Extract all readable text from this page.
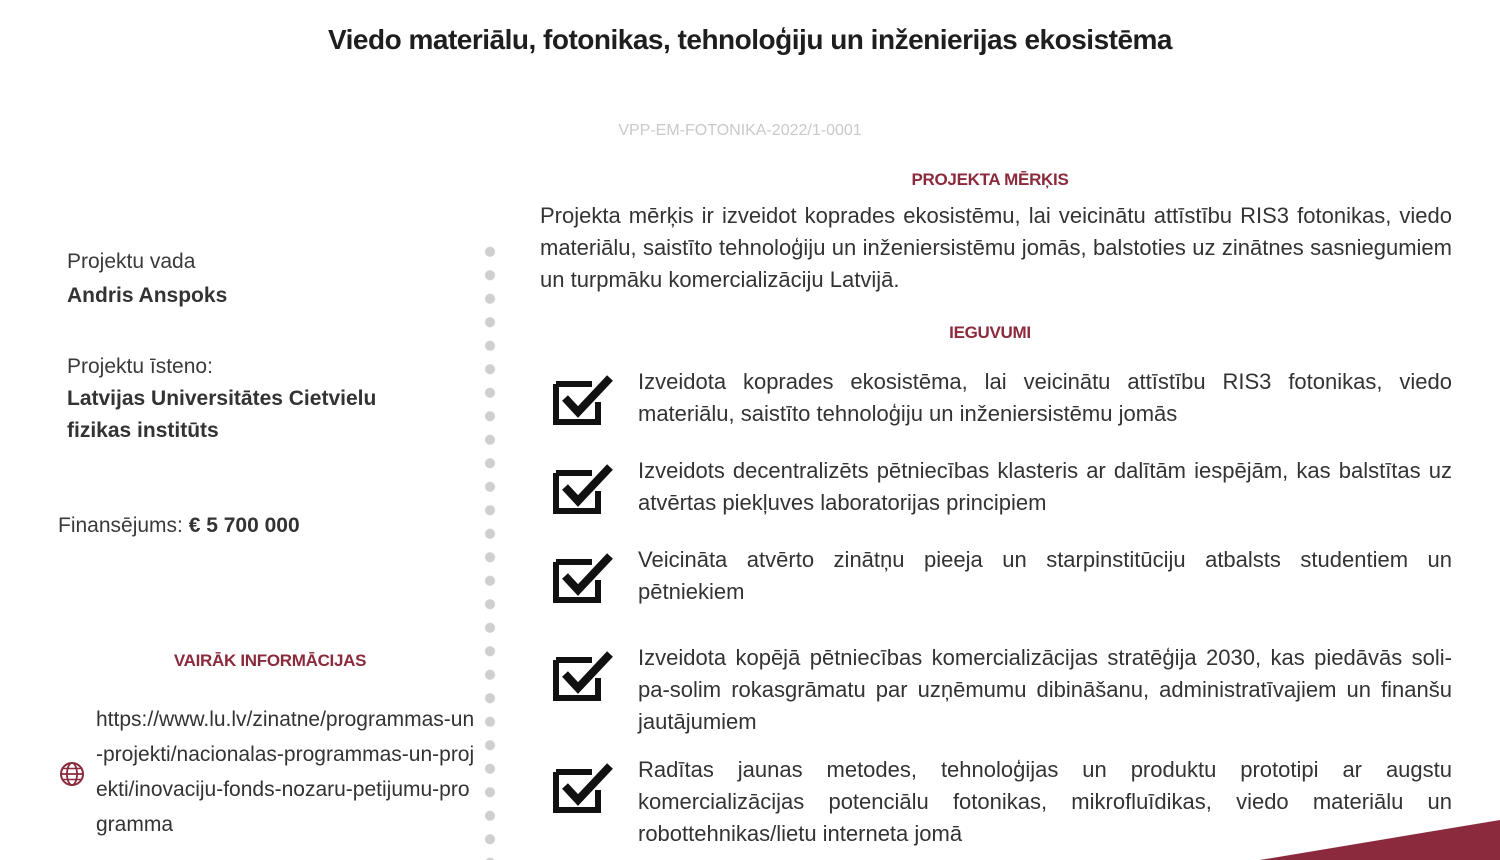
Viedo materiālu, fotonikas, tehnoloģiju un inženierijas ekosistēma
VPP-EM-FOTONIKA-2022/1-0001
PROJEKTA MĒRĶIS
Projekta mērķis ir izveidot koprades ekosistēmu, lai veicinātu attīstību RIS3 fotonikas, viedo materiālu, saistīto tehnoloģiju un inženiersistēmu jomās, balstoties uz zinātnes sasniegumiem un turpmāku komercializāciju Latvijā.
Projektu vada
Andris Anspoks
Projektu īsteno:
Latvijas Universitātes Cietvielu fizikas institūts
Finansējums: € 5 700 000
VAIRĀK INFORMĀCIJAS
https://www.lu.lv/zinatne/programmas-un-projekti/nacionalas-programmas-un-projekti/inovaciju-fonds-nozaru-petijumu-programma
IEGUVUMI
Izveidota koprades ekosistēma, lai veicinātu attīstību RIS3 fotonikas, viedo materiālu, saistīto tehnoloģiju un inženiersistēmu jomās
Izveidots decentralizēts pētniecības klasteris ar dalītām iespējām, kas balstītas uz atvērtas piekļuves laboratorijas principiem
Veicināta atvērto zinātņu pieeja un starpinstitūciju atbalsts studentiem un pētniekiem
Izveidota kopējā pētniecības komercializācijas stratēģija 2030, kas piedāvās soli-pa-solim rokasgrāmatu par uzņēmumu dibināšanu, administratīvajiem un finanšu jautājumiem
Radītas jaunas metodes, tehnoloģijas un produktu prototipi ar augstu komercializācijas potenciālu fotonikas, mikrofluīdikas, viedo materiālu un robottehnikas/lietu interneta jomā
